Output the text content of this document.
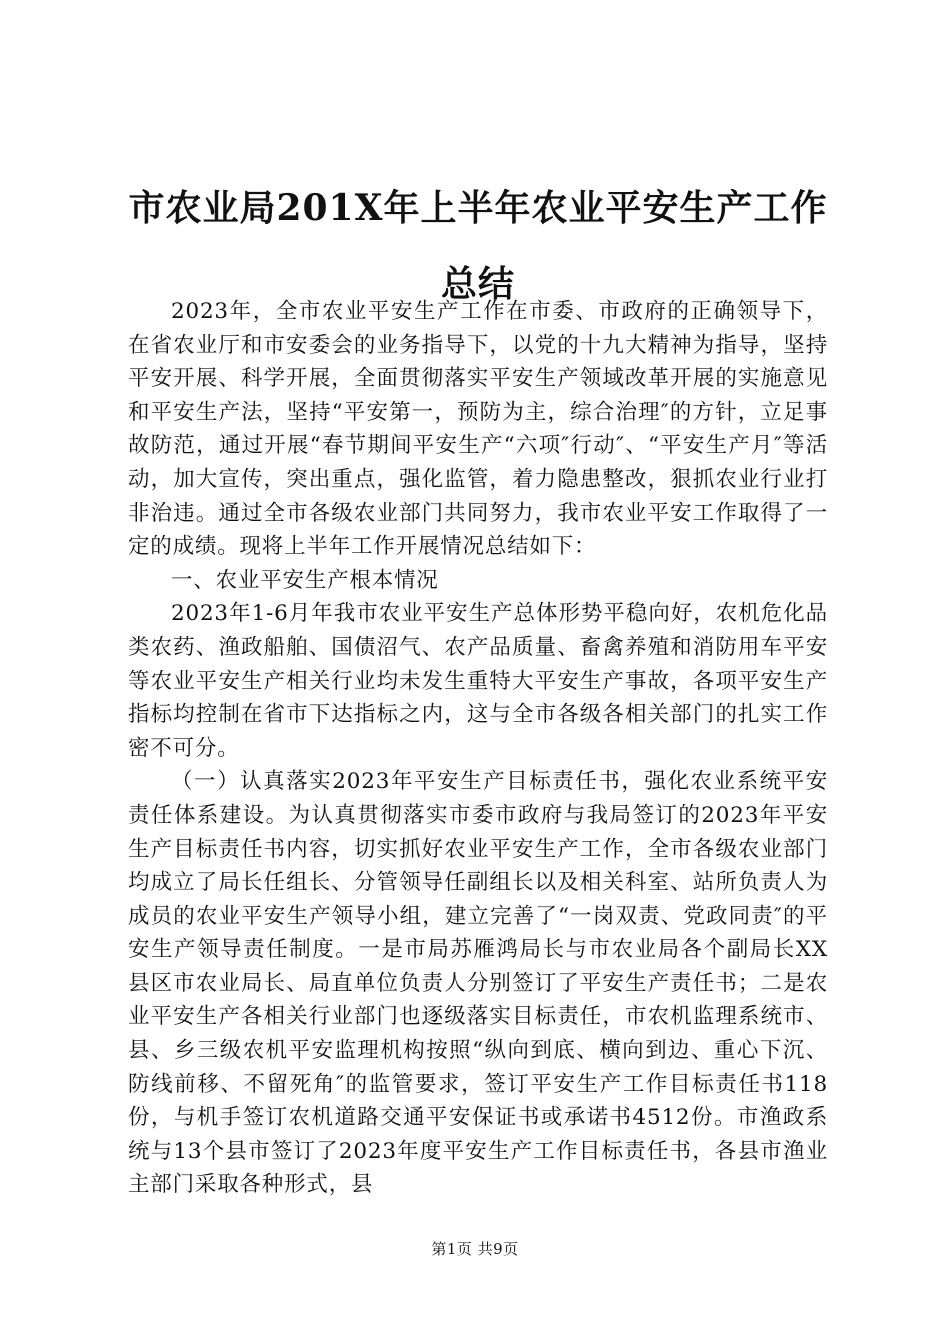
市农业局201X年上半年农业平安生产工作总结

2023年，全市农业平安生产工作在市委、市政府的正确领导下，在省农业厅和市安委会的业务指导下，以党的十九大精神为指导，坚持平安开展、科学开展，全面贯彻落实平安生产领域改革开展的实施意见和平安生产法，坚持“平安第一，预防为主，综合治理″的方针，立足事故防范，通过开展“春节期间平安生产“六项″行动″、“平安生产月″等活动，加大宣传，突出重点，强化监管，着力隐患整改，狠抓农业行业打非治违。通过全市各级农业部门共同努力，我市农业平安工作取得了一定的成绩。现将上半年工作开展情况总结如下：

一、农业平安生产根本情况

2023年1-6月年我市农业平安生产总体形势平稳向好，农机危化品类农药、渔政船舶、国债沼气、农产品质量、畜禽养殖和消防用车平安等农业平安生产相关行业均未发生重特大平安生产事故，各项平安生产指标均控制在省市下达指标之内，这与全市各级各相关部门的扎实工作密不可分。

（一）认真落实2023年平安生产目标责任书，强化农业系统平安责任体系建设。为认真贯彻落实市委市政府与我局签订的2023年平安生产目标责任书内容，切实抓好农业平安生产工作，全市各级农业部门均成立了局长任组长、分管领导任副组长以及相关科室、站所负责人为成员的农业平安生产领导小组，建立完善了“一岗双责、党政同责″的平安生产领导责任制度。一是市局苏雁鸿局长与市农业局各个副局长XX县区市农业局长、局直单位负责人分别签订了平安生产责任书；二是农业平安生产各相关行业部门也逐级落实目标责任，市农机监理系统市、县、乡三级农机平安监理机构按照“纵向到底、横向到边、重心下沉、防线前移、不留死角″的监管要求，签订平安生产工作目标责任书118份，与机手签订农机道路交通平安保证书或承诺书4512份。市渔政系统与13个县市签订了2023年度平安生产工作目标责任书，各县市渔业主部门采取各种形式，县

第1页 共9页
